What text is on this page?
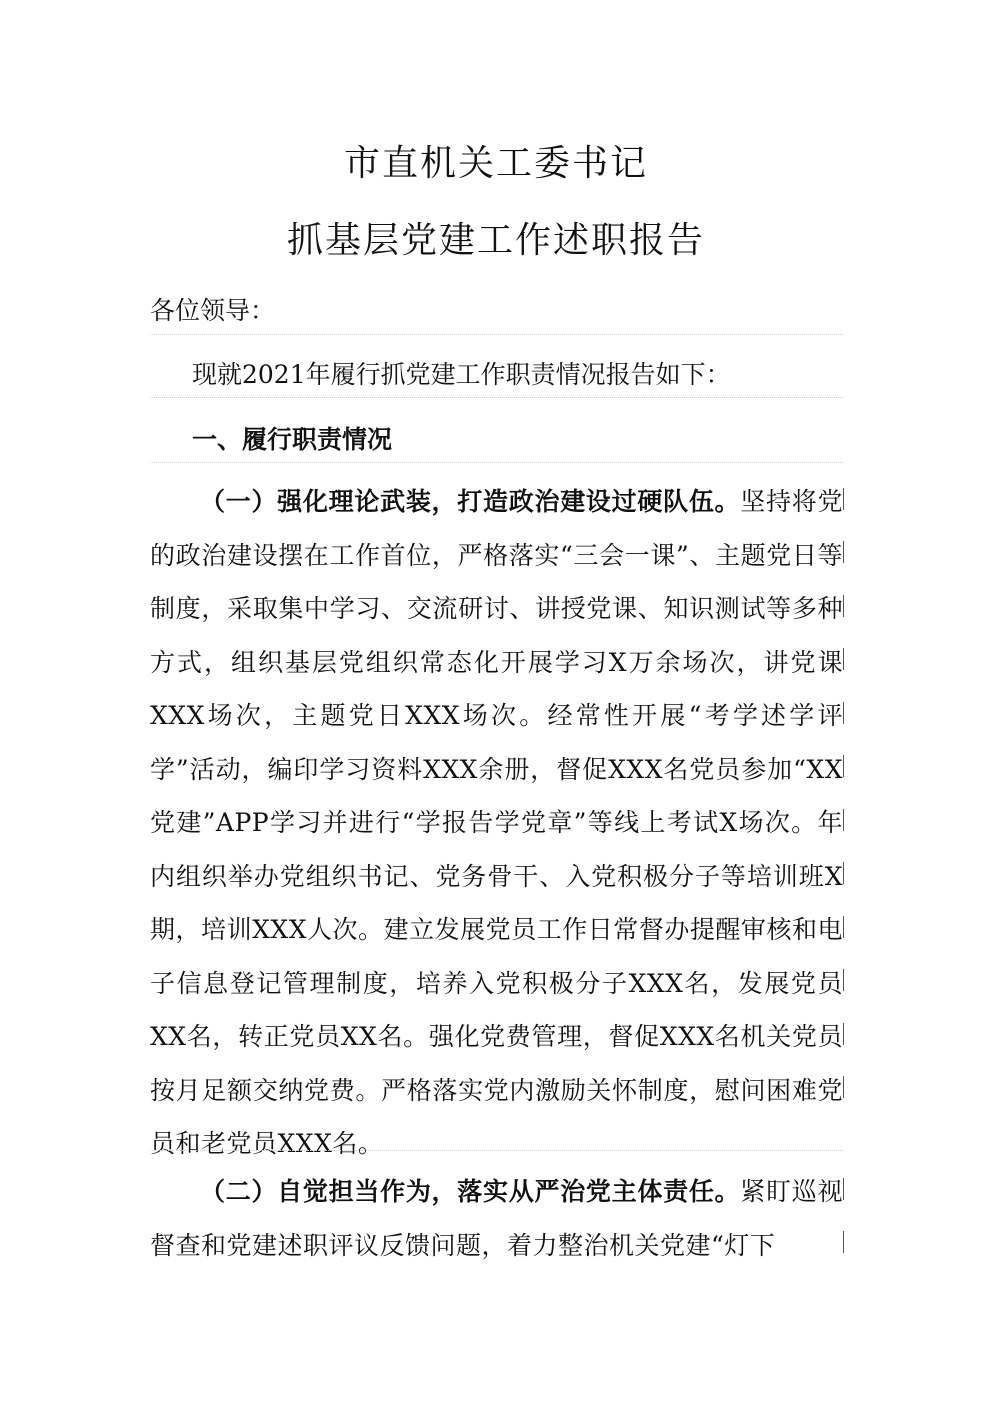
市直机关工委书记
抓基层党建工作述职报告

各位领导：

现就2021年履行抓党建工作职责情况报告如下：

一、履行职责情况

（一）强化理论武装，打造政治建设过硬队伍。坚持将党的政治建设摆在工作首位，严格落实“三会一课”、主题党日等制度，采取集中学习、交流研讨、讲授党课、知识测试等多种方式，组织基层党组织常态化开展学习X万余场次，讲党课XXX场次，主题党日XXX场次。经常性开展“考学述学评学”活动，编印学习资料XXX余册，督促XXX名党员参加“XX党建”APP学习并进行“学报告学党章”等线上考试X场次。年内组织举办党组织书记、党务骨干、入党积极分子等培训班X期，培训XXX人次。建立发展党员工作日常督办提醒审核和电子信息登记管理制度，培养入党积极分子XXX名，发展党员XX名，转正党员XX名。强化党费管理，督促XXX名机关党员按月足额交纳党费。严格落实党内激励关怀制度，慰问困难党员和老党员XXX名。

（二）自觉担当作为，落实从严治党主体责任。紧盯巡视督查和党建述职评议反馈问题，着力整治机关党建“灯下
